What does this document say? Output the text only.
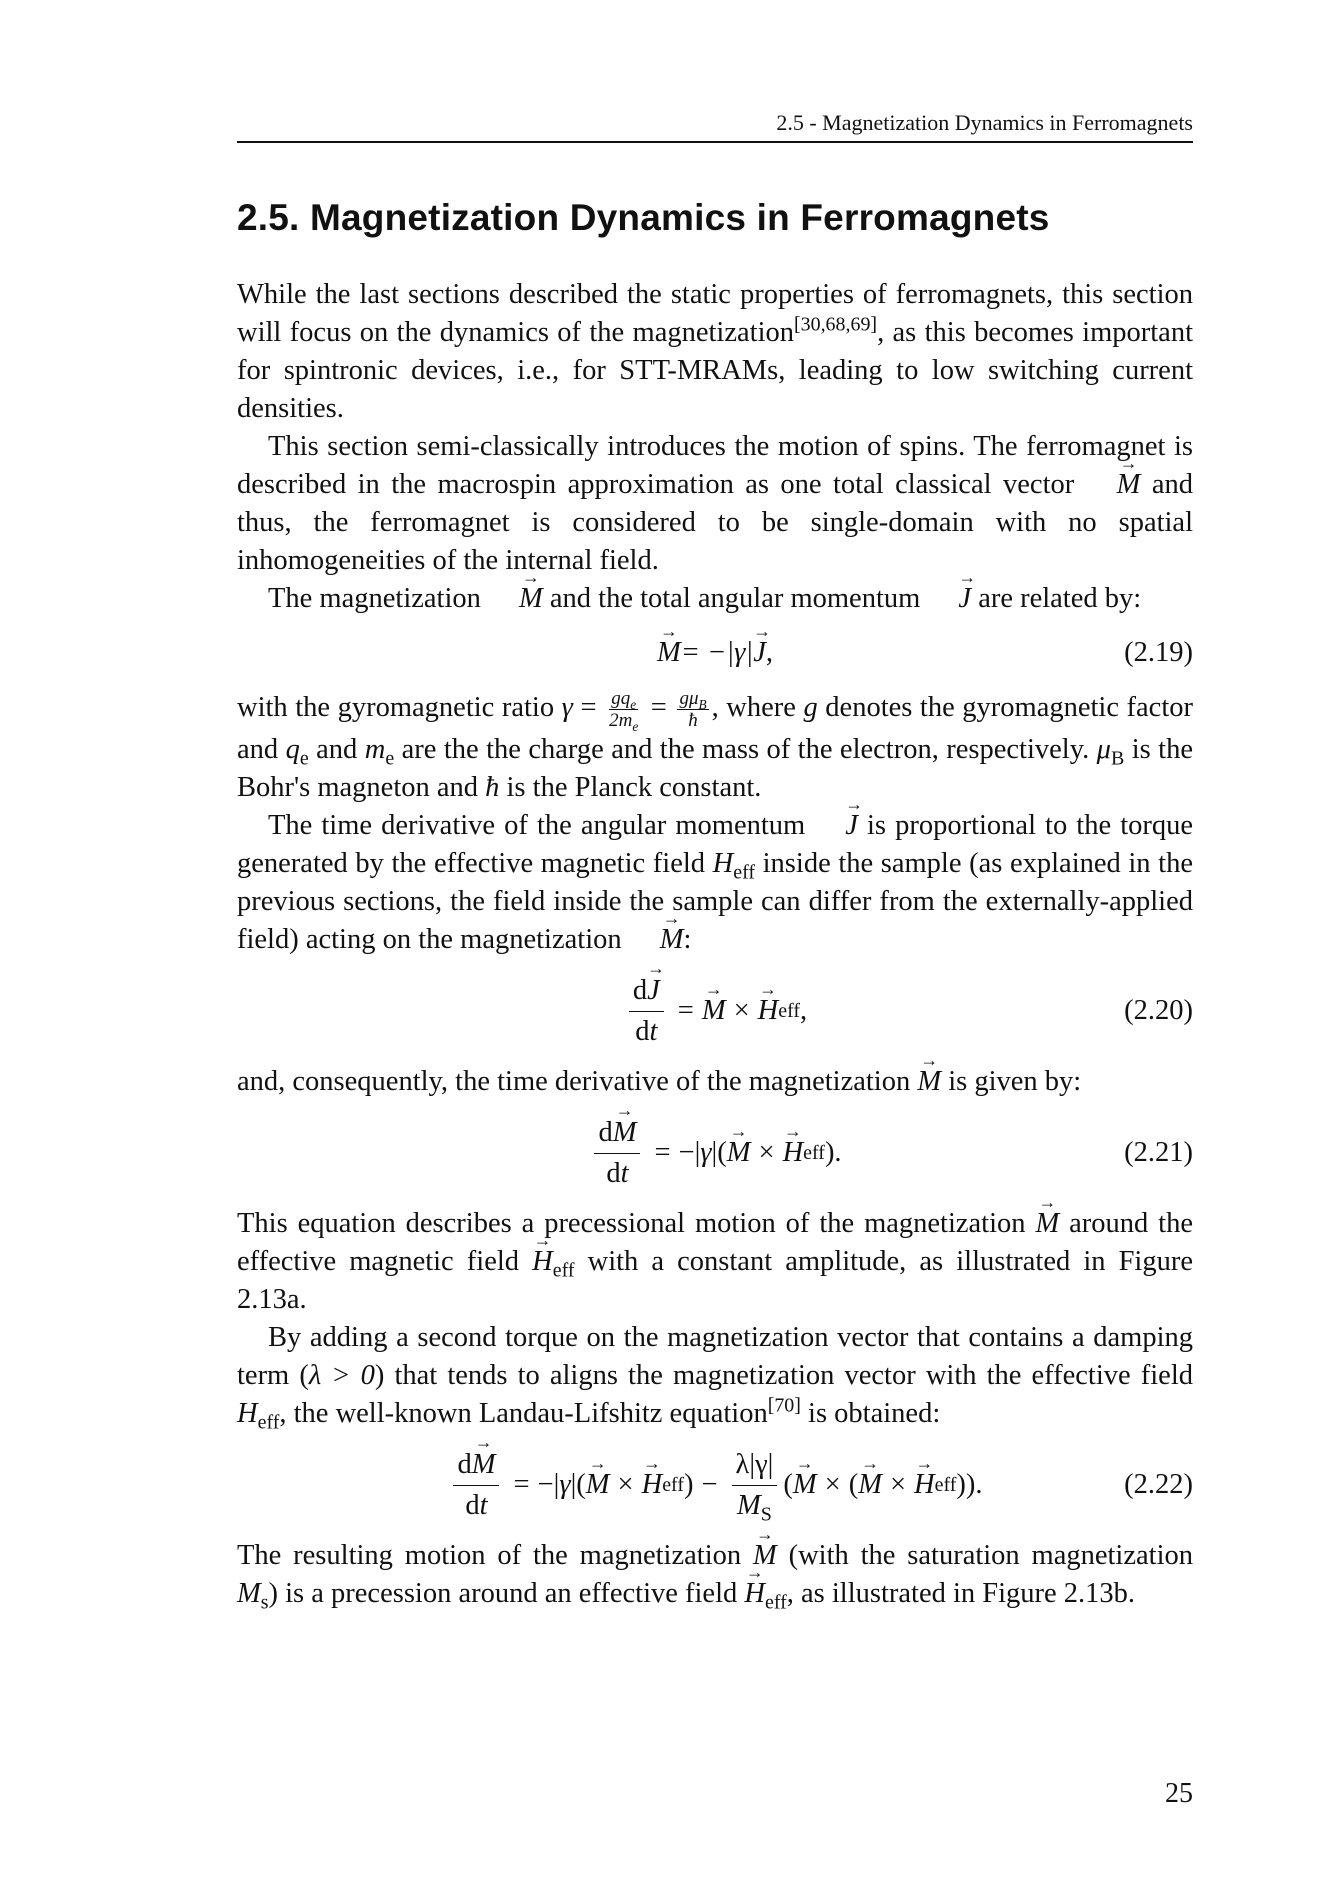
2.5 - Magnetization Dynamics in Ferromagnets
2.5. Magnetization Dynamics in Ferromagnets

While the last sections described the static properties of ferromagnets, this section will focus on the dynamics of the magnetization[30,68,69], as this becomes important for spintronic devices, i.e., for STT-MRAMs, leading to low switching current densities.

This section semi-classically introduces the motion of spins. The ferromagnet is described in the macrospin approximation as one total classical vector → M and thus, the ferromagnet is considered to be single-domain with no spatial inhomogeneities of the internal field.

The magnetization → M and the total angular momentum → J are related by:

→ M = −|γ| → J ,	(2.19)

with the gyromagnetic ratio $\gamma = \frac{gq_e}{2m_e} = \frac{g\mu_B}{ħ}$ , where g denotes the gyromagnetic factor and $q_e$ and $m_e$ are the the charge and the mass of the electron, respectively. $\mu_B$ is the Bohr's magneton and ħ is the Planck constant.

The time derivative of the angular momentum → J is proportional to the torque generated by the effective magnetic field $H_{eff}$ inside the sample (as explained in the previous sections, the field inside the sample can differ from the externally-applied field) acting on the magnetization → M:

$\frac{d\to J}{dt}$ = → M × → H eff ,	(2.20)

and, consequently, the time derivative of the magnetization → M is given by:

$\frac{d\to M}{dt}$ = −| γ |( → M × → H eff ).	(2.21)

This equation describes a precessional motion of the magnetization → M around the effective magnetic field → $H_{eff}$ with a constant amplitude, as illustrated in Figure 2.13a.

By adding a second torque on the magnetization vector that contains a damping term (λ > 0) that tends to aligns the magnetization vector with the effective field $H_{eff}$, the well-known Landau-Lifshitz equation[70] is obtained:

$\frac{d\to M}{dt}$ = −| γ |( → M × → H eff ) − $\frac{\lambda|\gamma|}{M_S}$ ( → M × ( → M × → H eff )).	(2.22)

The resulting motion of the magnetization → M (with the saturation magnetization $M_s$) is a precession around an effective field → $H_{eff}$, as illustrated in Figure 2.13b.

25
